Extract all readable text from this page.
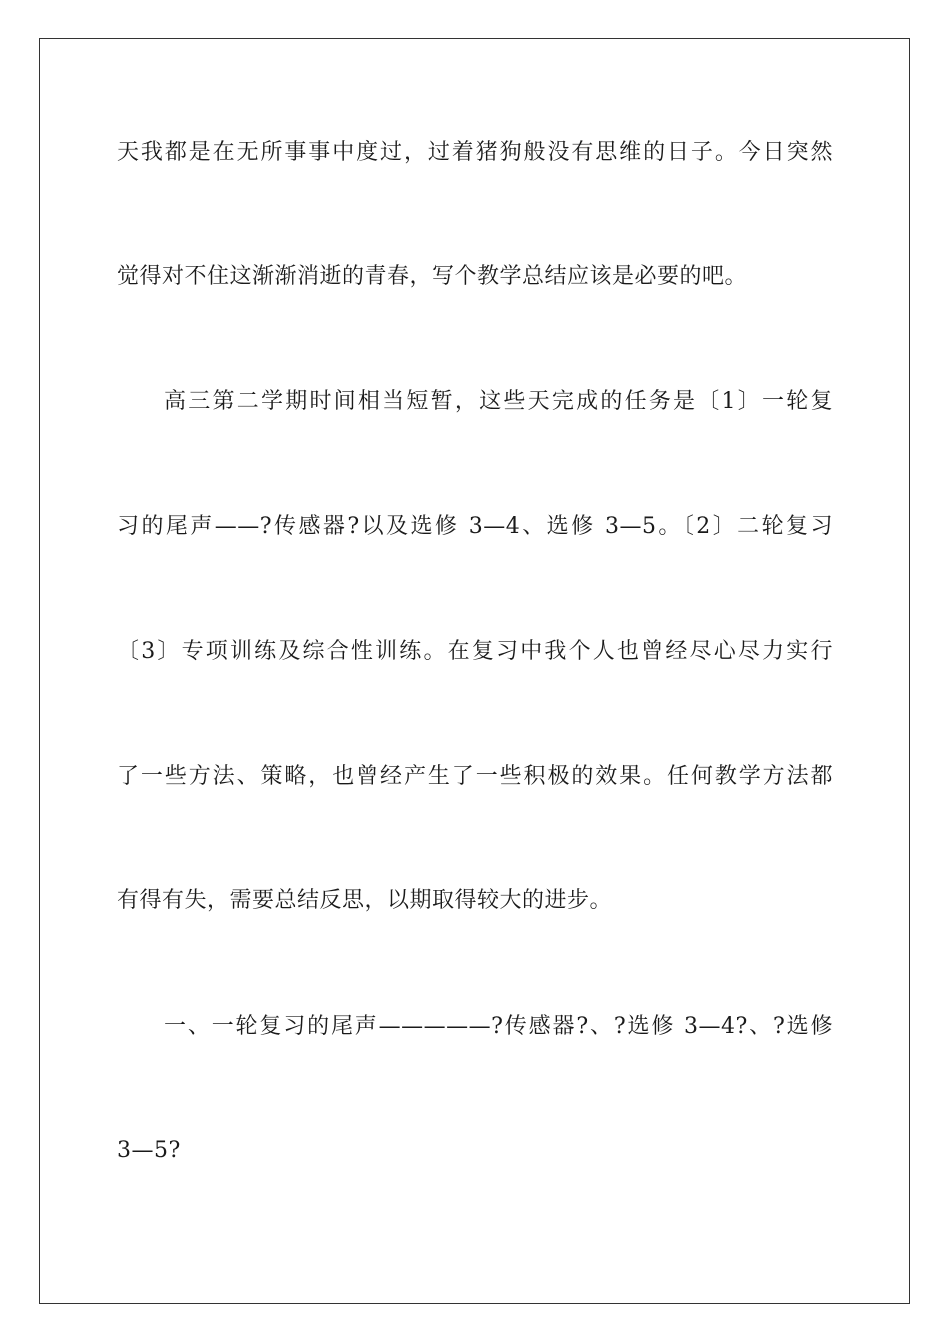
天我都是在无所事事中度过，过着猪狗般没有思维的日子。今日突然
觉得对不住这渐渐消逝的青春，写个教学总结应该是必要的吧。
高三第二学期时间相当短暂，这些天完成的任务是〔1〕一轮复
习的尾声——?传感器?以及选修 3—4、选修 3—5。〔2〕二轮复习
〔3〕专项训练及综合性训练。在复习中我个人也曾经尽心尽力实行
了一些方法、策略，也曾经产生了一些积极的效果。任何教学方法都
有得有失，需要总结反思，以期取得较大的进步。
一、一轮复习的尾声—————?传感器?、?选修 3—4?、?选修
3—5?
